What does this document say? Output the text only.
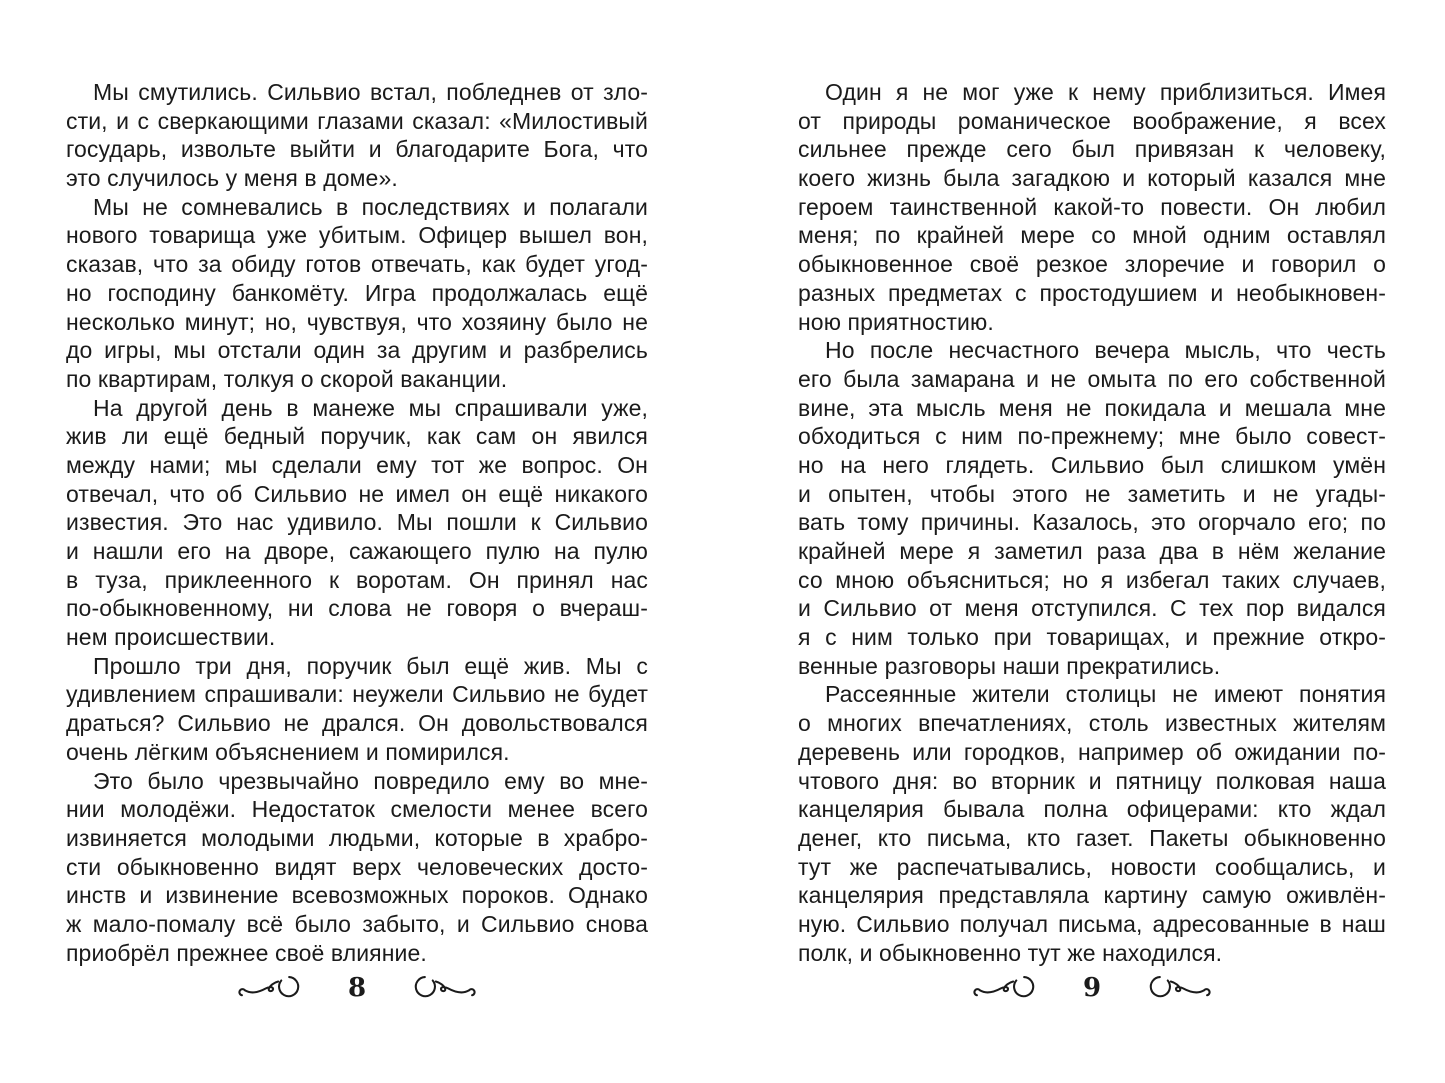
Мы смутились. Сильвио встал, побледнев от зло-
сти, и с сверкающими глазами сказал: «Милостивый
государь, извольте выйти и благодарите Бога, что
это случилось у меня в доме».
Мы не сомневались в последствиях и полагали
нового товарища уже убитым. Офицер вышел вон,
сказав, что за обиду готов отвечать, как будет угод-
но господину банкомёту. Игра продолжалась ещё
несколько минут; но, чувствуя, что хозяину было не
до игры, мы отстали один за другим и разбрелись
по квартирам, толкуя о скорой ваканции.
На другой день в манеже мы спрашивали уже,
жив ли ещё бедный поручик, как сам он явился
между нами; мы сделали ему тот же вопрос. Он
отвечал, что об Сильвио не имел он ещё никакого
известия. Это нас удивило. Мы пошли к Сильвио
и нашли его на дворе, сажающего пулю на пулю
в туза, приклеенного к воротам. Он принял нас
по-обыкновенному, ни слова не говоря о вчераш-
нем происшествии.
Прошло три дня, поручик был ещё жив. Мы с
удивлением спрашивали: неужели Сильвио не будет
драться? Сильвио не дрался. Он довольствовался
очень лёгким объяснением и помирился.
Это было чрезвычайно повредило ему во мне-
нии молодёжи. Недостаток смелости менее всего
извиняется молодыми людьми, которые в храбро-
сти обыкновенно видят верх человеческих досто-
инств и извинение всевозможных пороков. Однако
ж мало-помалу всё было забыто, и Сильвио снова
приобрёл прежнее своё влияние.
8
Один я не мог уже к нему приблизиться. Имея
от природы романическое воображение, я всех
сильнее прежде сего был привязан к человеку,
коего жизнь была загадкою и который казался мне
героем таинственной какой-то повести. Он любил
меня; по крайней мере со мной одним оставлял
обыкновенное своё резкое злоречие и говорил о
разных предметах с простодушием и необыкновен-
ною приятностию.
Но после несчастного вечера мысль, что честь
его была замарана и не омыта по его собственной
вине, эта мысль меня не покидала и мешала мне
обходиться с ним по-прежнему; мне было совест-
но на него глядеть. Сильвио был слишком умён
и опытен, чтобы этого не заметить и не угады-
вать тому причины. Казалось, это огорчало его; по
крайней мере я заметил раза два в нём желание
со мною объясниться; но я избегал таких случаев,
и Сильвио от меня отступился. С тех пор видался
я с ним только при товарищах, и прежние откро-
венные разговоры наши прекратились.
Рассеянные жители столицы не имеют понятия
о многих впечатлениях, столь известных жителям
деревень или городков, например об ожидании по-
чтового дня: во вторник и пятницу полковая наша
канцелярия бывала полна офицерами: кто ждал
денег, кто письма, кто газет. Пакеты обыкновенно
тут же распечатывались, новости сообщались, и
канцелярия представляла картину самую оживлён-
ную. Сильвио получал письма, адресованные в наш
полк, и обыкновенно тут же находился.
9
